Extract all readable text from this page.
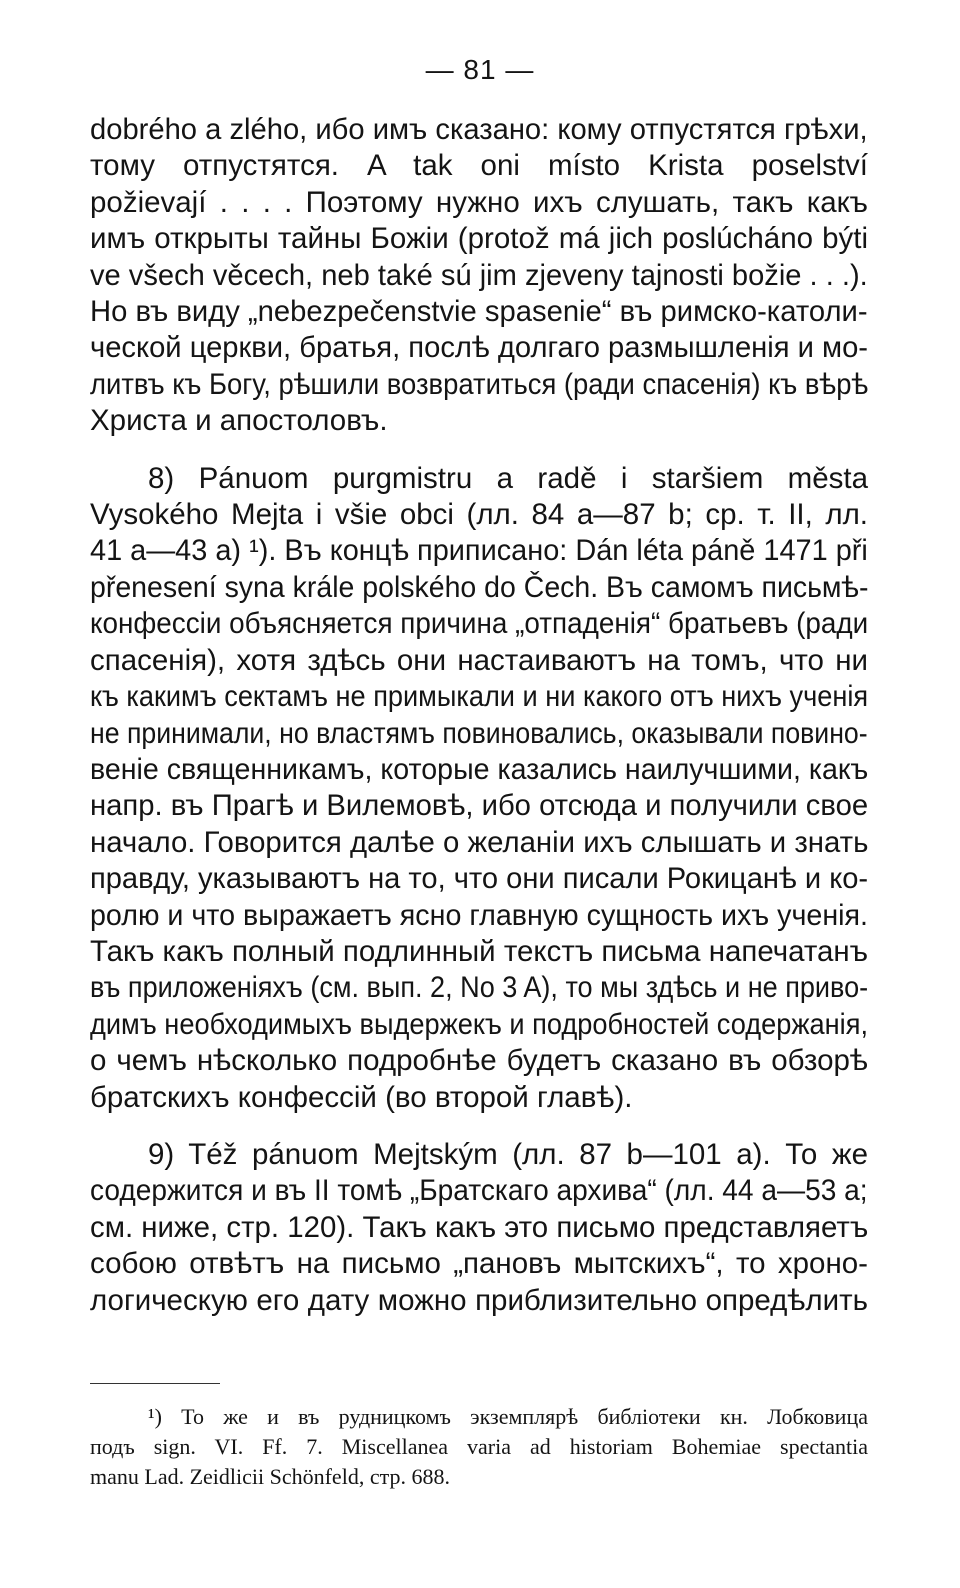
— 81 —
dobrého a zlého, ибо имъ сказано: кому отпустятся грѣхи,
тому отпустятся. A tak oni místo Krista poselství
požievají . . . . Поэтому нужно ихъ слушать, такъ какъ
имъ открыты тайны Божiи (protož má jich poslúcháno býti
ve všech věcech, neb také sú jim zjeveny tajnosti božie . . .).
Но въ виду „nebezpečenstvie spasenie“ въ римско-католи-
ческой церкви, братья, послѣ долгаго размышленія и мо-
литвъ къ Богу, рѣшили возвратиться (ради спасенія) къ вѣрѣ
Христа и апостоловъ.
8) Pánuom purgmistru a radě i staršiem města
Vysokého Mejta i všie obci (лл. 84 a—87 b; ср. т. II, лл.
41 a—43 a) ¹). Въ концѣ приписано: Dán léta páně 1471 při
přenesení syna krále polského do Čech. Въ самомъ письмѣ-
конфессiи объясняется причина „отпаденія“ братьевъ (ради
спасенія), хотя здѣсь они настаиваютъ на томъ, что ни
къ какимъ сектамъ не примыкали и ни какого отъ нихъ ученія
не принимали, но властямъ повиновались, оказывали повино-
веніе священникамъ, которые казались наилучшими, какъ
напр. въ Прагѣ и Вилемовѣ, ибо отсюда и получили свое
начало. Говорится далѣе о желаніи ихъ слышать и знать
правду, указываютъ на то, что они писали Рокицанѣ и ко-
ролю и что выражаетъ ясно главную сущность ихъ ученія.
Такъ какъ полный подлинный текстъ письма напечатанъ
въ приложеніяхъ (см. вып. 2, No 3 A), то мы здѣсь и не приво-
димъ необходимыхъ выдержекъ и подробностей содержанія,
о чемъ нѣсколько подробнѣе будетъ сказано въ обзорѣ
братскихъ конфессій (во второй главѣ).
9) Též pánuom Mejtským (лл. 87 b—101 a). То же
содержится и въ II томѣ „Братскаго архива“ (лл. 44 a—53 a;
см. ниже, стр. 120). Такъ какъ это письмо представляетъ
собою отвѣтъ на письмо „пановъ мытскихъ“, то хроно-
логическую его дату можно приблизительно опредѣлить
¹) То же и въ рудницкомъ экземплярѣ библіотеки кн. Лобковица
подъ sign. VI. Ff. 7. Miscellanea varia ad historiam Bohemiae spectantia
manu Lad. Zeidlicii Schönfeld, стр. 688.
